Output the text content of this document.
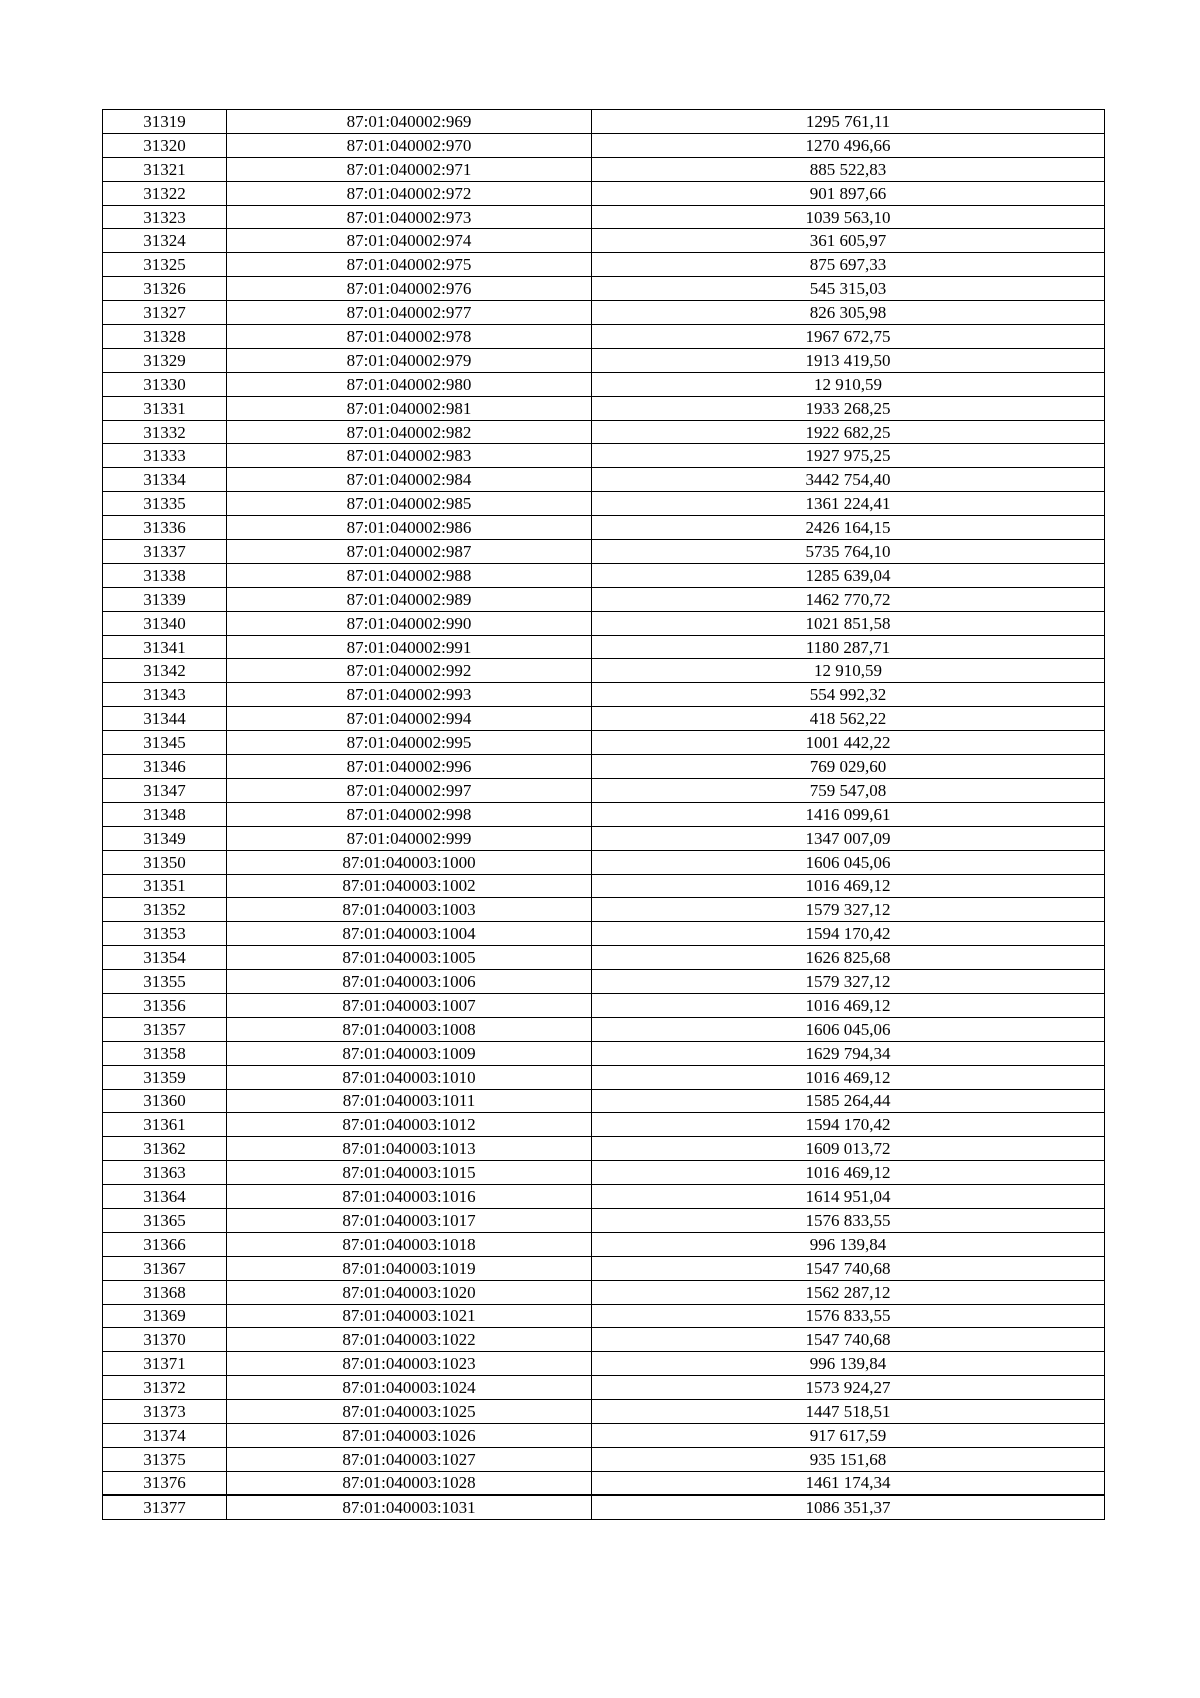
31319	87:01:040002:969	1295 761,11
31320	87:01:040002:970	1270 496,66
31321	87:01:040002:971	885 522,83
31322	87:01:040002:972	901 897,66
31323	87:01:040002:973	1039 563,10
31324	87:01:040002:974	361 605,97
31325	87:01:040002:975	875 697,33
31326	87:01:040002:976	545 315,03
31327	87:01:040002:977	826 305,98
31328	87:01:040002:978	1967 672,75
31329	87:01:040002:979	1913 419,50
31330	87:01:040002:980	12 910,59
31331	87:01:040002:981	1933 268,25
31332	87:01:040002:982	1922 682,25
31333	87:01:040002:983	1927 975,25
31334	87:01:040002:984	3442 754,40
31335	87:01:040002:985	1361 224,41
31336	87:01:040002:986	2426 164,15
31337	87:01:040002:987	5735 764,10
31338	87:01:040002:988	1285 639,04
31339	87:01:040002:989	1462 770,72
31340	87:01:040002:990	1021 851,58
31341	87:01:040002:991	1180 287,71
31342	87:01:040002:992	12 910,59
31343	87:01:040002:993	554 992,32
31344	87:01:040002:994	418 562,22
31345	87:01:040002:995	1001 442,22
31346	87:01:040002:996	769 029,60
31347	87:01:040002:997	759 547,08
31348	87:01:040002:998	1416 099,61
31349	87:01:040002:999	1347 007,09
31350	87:01:040003:1000	1606 045,06
31351	87:01:040003:1002	1016 469,12
31352	87:01:040003:1003	1579 327,12
31353	87:01:040003:1004	1594 170,42
31354	87:01:040003:1005	1626 825,68
31355	87:01:040003:1006	1579 327,12
31356	87:01:040003:1007	1016 469,12
31357	87:01:040003:1008	1606 045,06
31358	87:01:040003:1009	1629 794,34
31359	87:01:040003:1010	1016 469,12
31360	87:01:040003:1011	1585 264,44
31361	87:01:040003:1012	1594 170,42
31362	87:01:040003:1013	1609 013,72
31363	87:01:040003:1015	1016 469,12
31364	87:01:040003:1016	1614 951,04
31365	87:01:040003:1017	1576 833,55
31366	87:01:040003:1018	996 139,84
31367	87:01:040003:1019	1547 740,68
31368	87:01:040003:1020	1562 287,12
31369	87:01:040003:1021	1576 833,55
31370	87:01:040003:1022	1547 740,68
31371	87:01:040003:1023	996 139,84
31372	87:01:040003:1024	1573 924,27
31373	87:01:040003:1025	1447 518,51
31374	87:01:040003:1026	917 617,59
31375	87:01:040003:1027	935 151,68
31376	87:01:040003:1028	1461 174,34
31377	87:01:040003:1031	1086 351,37
